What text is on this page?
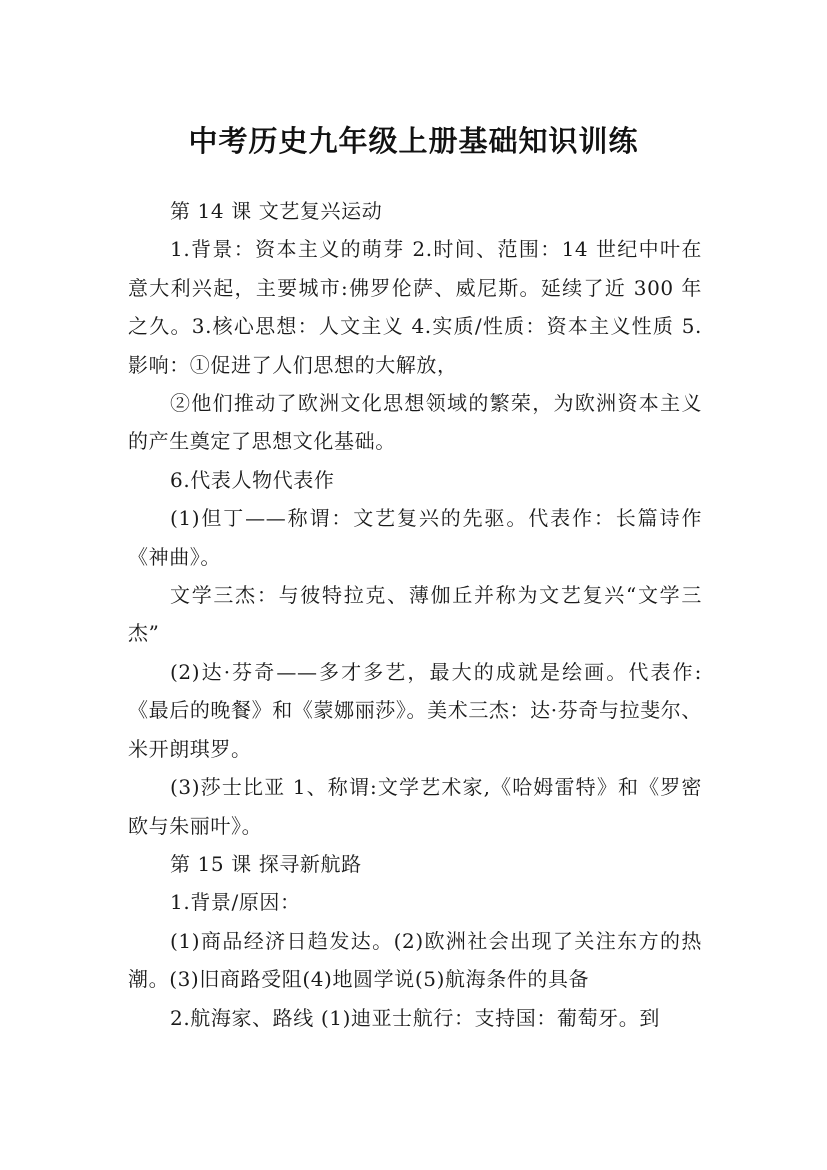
中考历史九年级上册基础知识训练

第 14 课 文艺复兴运动

1.背景：资本主义的萌芽 2.时间、范围：14 世纪中叶在意大利兴起，主要城市:佛罗伦萨、威尼斯。延续了近 300 年之久。3.核心思想：人文主义 4.实质/性质：资本主义性质 5.影响：①促进了人们思想的大解放，

②他们推动了欧洲文化思想领域的繁荣，为欧洲资本主义的产生奠定了思想文化基础。

6.代表人物代表作

(1)但丁——称谓：文艺复兴的先驱。代表作：长篇诗作《神曲》。

文学三杰：与彼特拉克、薄伽丘并称为文艺复兴“文学三杰”

(2)达·芬奇——多才多艺，最大的成就是绘画。代表作:《最后的晚餐》和《蒙娜丽莎》。美术三杰：达·芬奇与拉斐尔、米开朗琪罗。

(3)莎士比亚 1、称谓:文学艺术家,《哈姆雷特》和《罗密欧与朱丽叶》。

第 15 课 探寻新航路

1.背景/原因：

(1)商品经济日趋发达。(2)欧洲社会出现了关注东方的热潮。(3)旧商路受阻(4)地圆学说(5)航海条件的具备

2.航海家、路线 (1)迪亚士航行：支持国：葡萄牙。到
